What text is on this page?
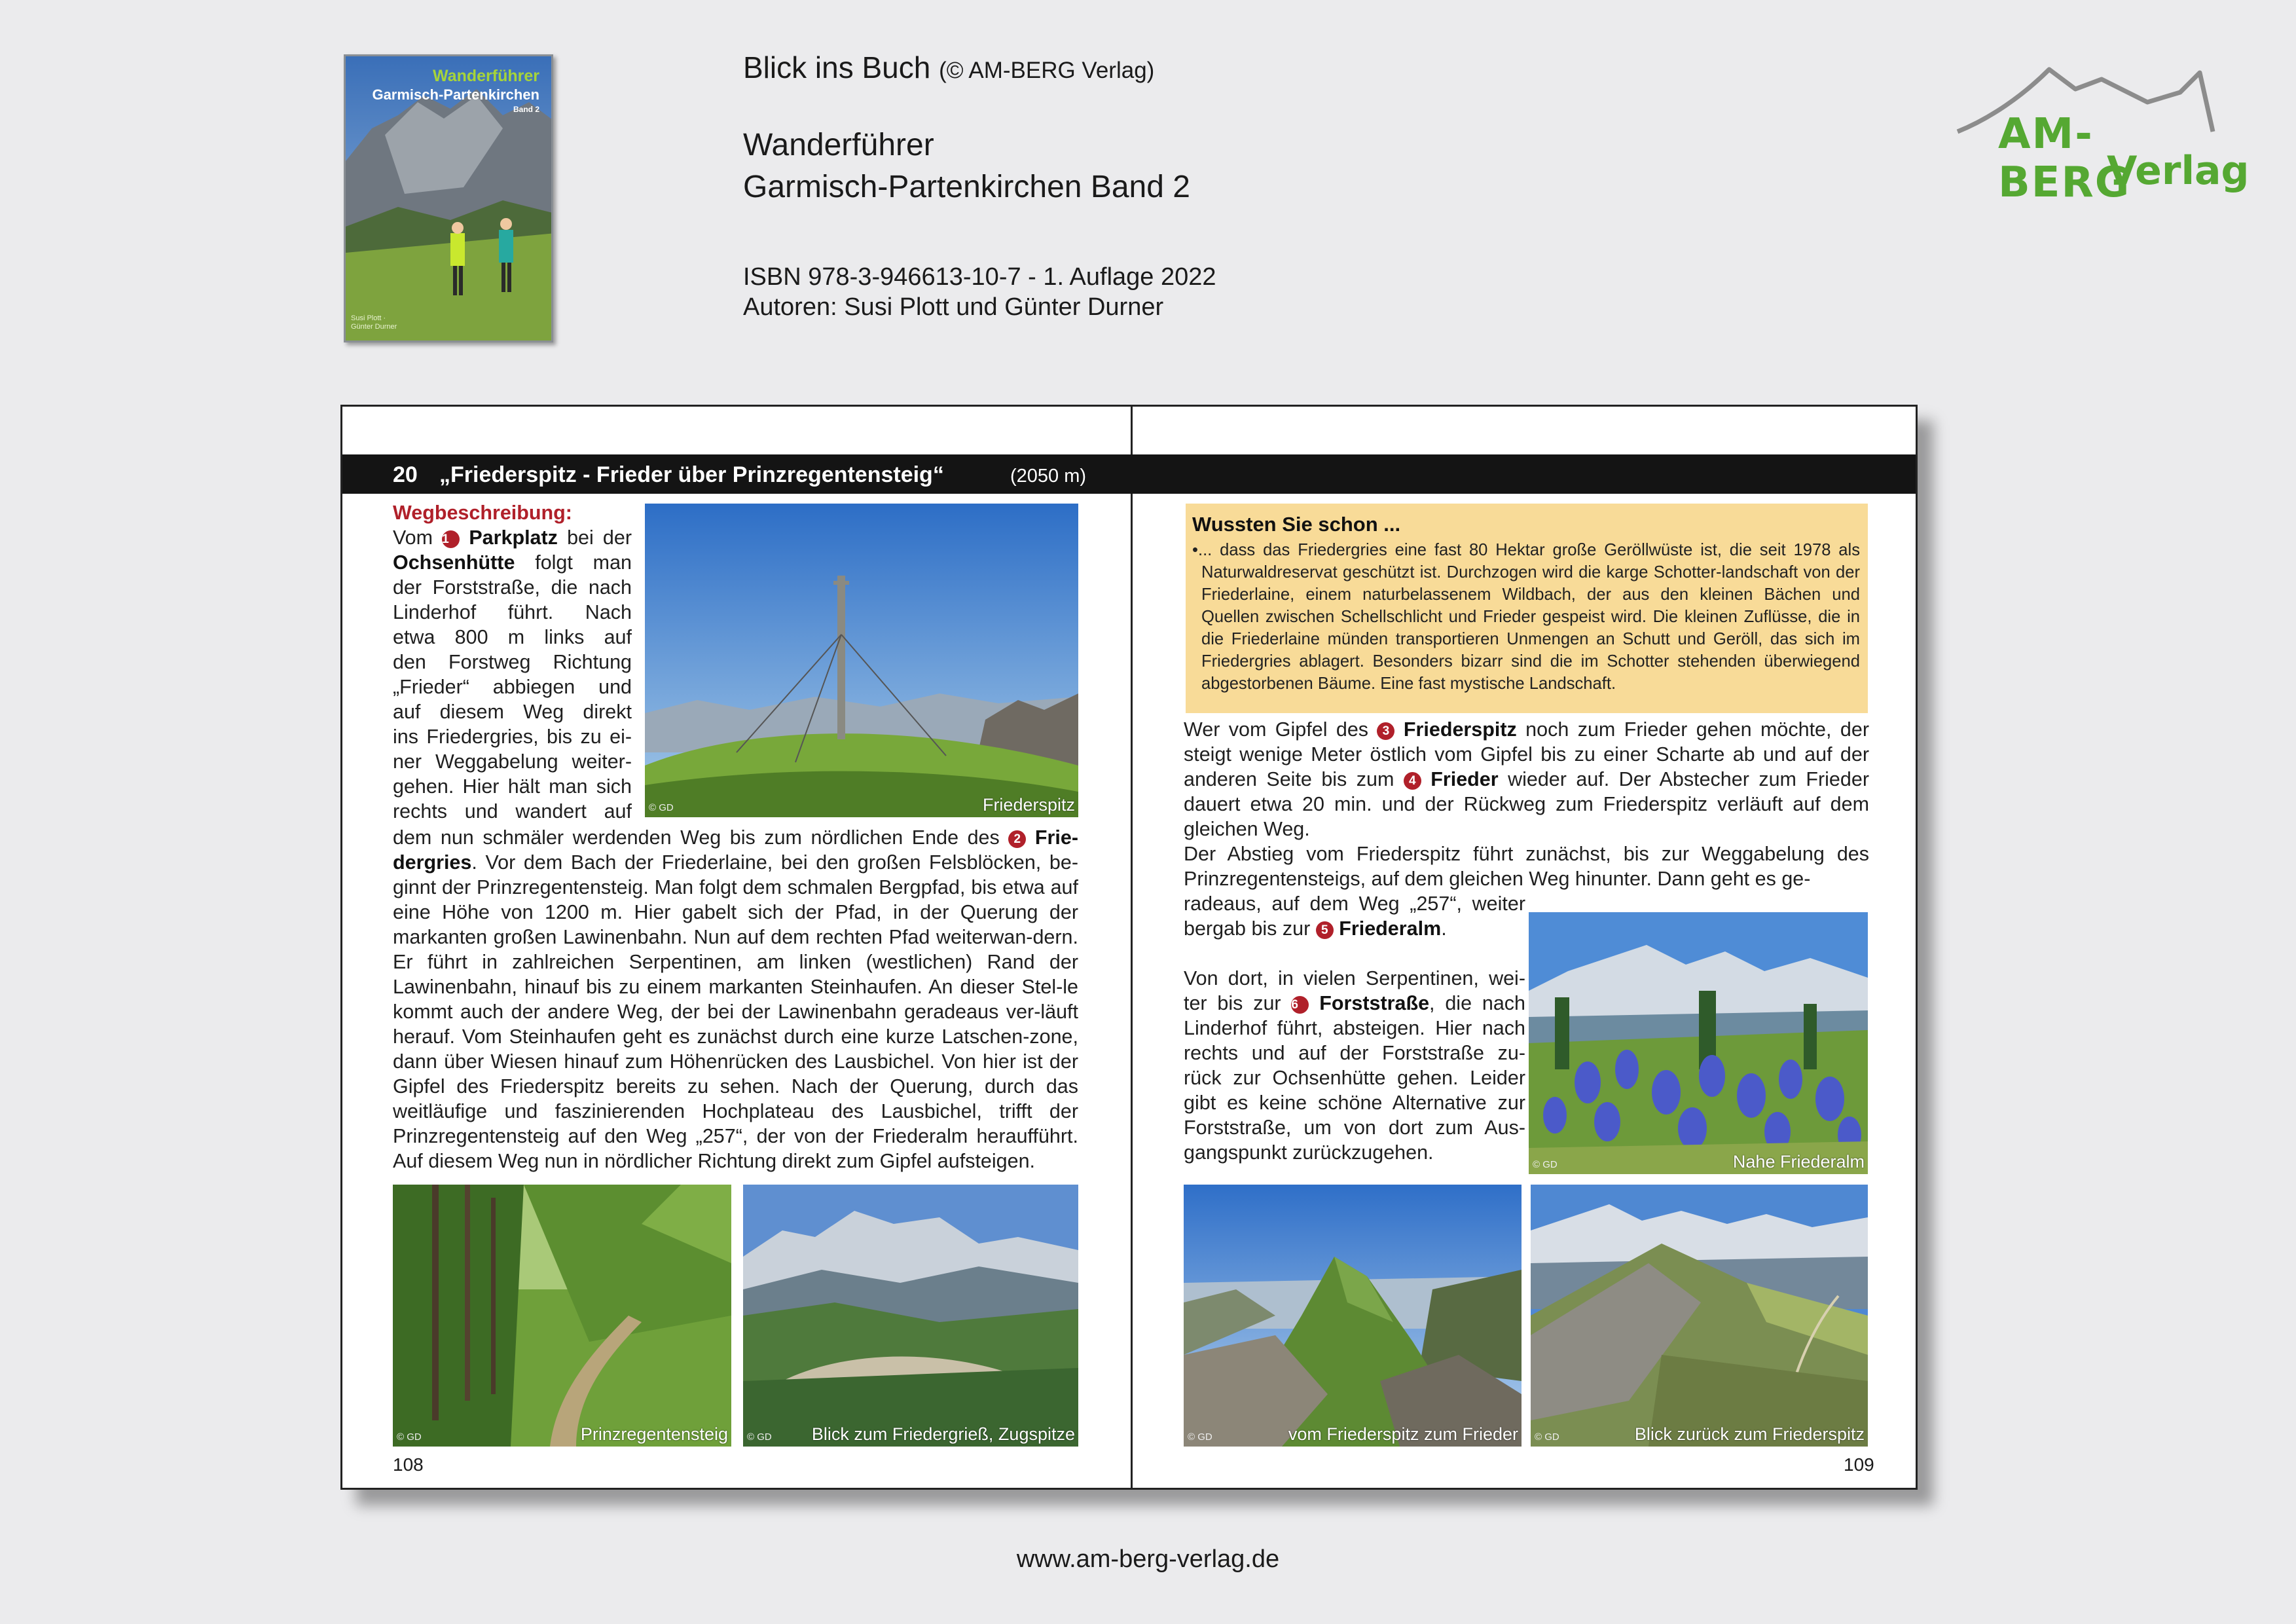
Wanderführer
Garmisch-Partenkirchen
Band 2
Susi Plott · Günter Durner
Blick ins Buch (© AM-BERG Verlag)
Wanderführer
Garmisch-Partenkirchen Band 2
ISBN 978-3-946613-10-7 - 1. Auflage 2022
Autoren: Susi Plott und Günter Durner
AM-BERG
Verlag
20 „Friederspitz - Frieder über Prinzregentensteig“	(2050 m)
Wegbeschreibung:
Vom 1 Parkplatz bei der
Ochsenhütte folgt man
der Forststraße, die nach
Linderhof führt. Nach
etwa 800 m links auf
den Forstweg Richtung
„Frieder“ abbiegen und
auf diesem Weg direkt
ins Friedergries, bis zu ei-
ner Weggabelung weiter-
gehen. Hier hält man sich
rechts und wandert auf © GD	Friederspitz
dem nun schmäler werdenden Weg bis zum nördlichen Ende des 2 Frie-dergries. Vor dem Bach der Friederlaine, bei den großen Felsblöcken, be-ginnt der Prinzregentensteig. Man folgt dem schmalen Bergpfad, bis etwa auf eine Höhe von 1200 m. Hier gabelt sich der Pfad, in der Querung der markanten großen Lawinenbahn. Nun auf dem rechten Pfad weiterwan-dern. Er führt in zahlreichen Serpentinen, am linken (westlichen) Rand der Lawinenbahn, hinauf bis zu einem markanten Steinhaufen. An dieser Stel-le kommt auch der andere Weg, der bei der Lawinenbahn geradeaus ver-läuft herauf. Vom Steinhaufen geht es zunächst durch eine kurze Latschen-zone, dann über Wiesen hinauf zum Höhenrücken des Lausbichel. Von hier ist der Gipfel des Friederspitz bereits zu sehen. Nach der Querung, durch das weitläufige und faszinierenden Hochplateau des Lausbichel, trifft der Prinzregentensteig auf den Weg „257“, der von der Friederalm heraufführt. Auf diesem Weg nun in nördlicher Richtung direkt zum Gipfel aufsteigen.
© GD	Prinzregentensteig © GD Blick zum Friedergrieß, Zugspitze
108
Wussten Sie schon ...
•... dass das Friedergries eine fast 80 Hektar große Geröllwüste ist, die seit 1978 als Naturwaldreservat geschützt ist. Durchzogen wird die karge Schotter-landschaft von der Friederlaine, einem naturbelassenem Wildbach, der aus den kleinen Bächen und Quellen zwischen Schellschlicht und Frieder gespeist wird. Die kleinen Zuflüsse, die in die Friederlaine münden transportieren Unmengen an Schutt und Geröll, das sich im Friedergries ablagert. Besonders bizarr sind die im Schotter stehenden überwiegend abgestorbenen Bäume. Eine fast mystische Landschaft.
Wer vom Gipfel des 3 Friederspitz noch zum Frieder gehen möchte, der steigt wenige Meter östlich vom Gipfel bis zu einer Scharte ab und auf der anderen Seite bis zum 4 Frieder wieder auf. Der Abstecher zum Frieder dauert etwa 20 min. und der Rückweg zum Friederspitz verläuft auf dem gleichen Weg.
Der Abstieg vom Friederspitz führt zunächst, bis zur Weggabelung des Prinzregentensteigs, auf dem gleichen Weg hinunter. Dann geht es ge-
radeaus, auf dem Weg „257“, weiter
bergab bis zur 5 Friederalm.
Von dort, in vielen Serpentinen, wei-
ter bis zur 6 Forststraße, die nach
Linderhof führt, absteigen. Hier nach
rechts und auf der Forststraße zu-
rück zur Ochsenhütte gehen. Leider
gibt es keine schöne Alternative zur
Forststraße, um von dort zum Aus-
gangspunkt zurückzugehen.
© GD	Nahe Friederalm
© GD	vom Friederspitz zum Frieder © GD	Blick zurück zum Friederspitz
109
www.am-berg-verlag.de
